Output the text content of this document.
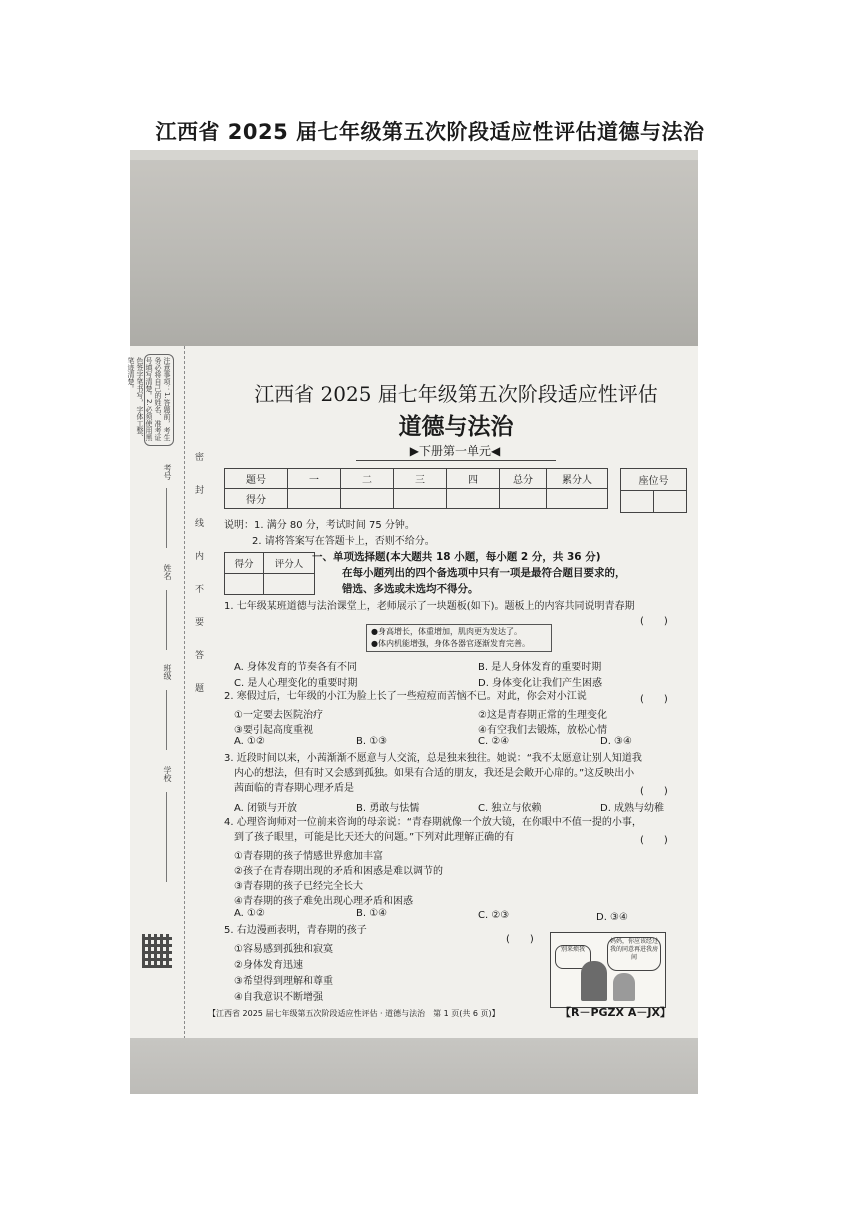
江西省 2025 届七年级第五次阶段适应性评估道德与法治
注意事项：1.答题前，考生务必将自己的姓名、准考证号填写清楚。2.必须使用黑色签字笔书写，字体工整、笔迹清楚。
考号
姓名
班级
学校
密封线内不要答题
江西省 2025 届七年级第五次阶段适应性评估
道德与法治
▶下册第一单元◀
题号	一	二	三	四	总分	累分人
得分						
座位号

说明：1. 满分 80 分，考试时间 75 分钟。
2. 请将答案写在答题卡上，否则不给分。
得分	评分人

一、单项选择题(本大题共 18 小题，每小题 2 分，共 36 分)
在每小题列出的四个备选项中只有一项是最符合题目要求的，
错选、多选或未选均不得分。
1. 七年级某班道德与法治课堂上，老师展示了一块题板(如下)。题板上的内容共同说明青春期
(　　)
●身高增长，体重增加，肌肉更为发达了。
●体内机能增强，身体各器官逐渐发育完善。
A. 身体发育的节奏各有不同	B. 是人身体发育的重要时期
C. 是人心理变化的重要时期	D. 身体变化让我们产生困惑
2. 寒假过后，七年级的小江为脸上长了一些痘痘而苦恼不已。对此，你会对小江说	(　　)
①一定要去医院治疗	②这是青春期正常的生理变化
③要引起高度重视	④有空我们去锻炼，放松心情
A. ①②	B. ①③	C. ②④	D. ③④
3. 近段时间以来，小茜渐渐不愿意与人交流，总是独来独往。她说：“我不太愿意让别人知道我
内心的想法，但有时又会感到孤独。如果有合适的朋友，我还是会敞开心扉的。”这反映出小
茜面临的青春期心理矛盾是	(　　)
A. 闭锁与开放	B. 勇敢与怯懦	C. 独立与依赖	D. 成熟与幼稚
4. 心理咨询师对一位前来咨询的母亲说：“青春期就像一个放大镜，在你眼中不值一提的小事，
到了孩子眼里，可能是比天还大的问题。”下列对此理解正确的有	(　　)
①青春期的孩子情感世界愈加丰富
②孩子在青春期出现的矛盾和困惑是难以调节的
③青春期的孩子已经完全长大
④青春期的孩子难免出现心理矛盾和困惑
A. ①②	B. ①④	C. ②③	D. ③④
5. 右边漫画表明，青春期的孩子
(　　)
①容易感到孤独和寂寞
②身体发育迅速
③希望得到理解和尊重
④自我意识不断增强
別来烦我
妈妈，你应该经过我的同意再进我房间
【江西省 2025 届七年级第五次阶段适应性评估 · 道德与法治　第 1 页(共 6 页)】	【R－PGZX A－JX】
